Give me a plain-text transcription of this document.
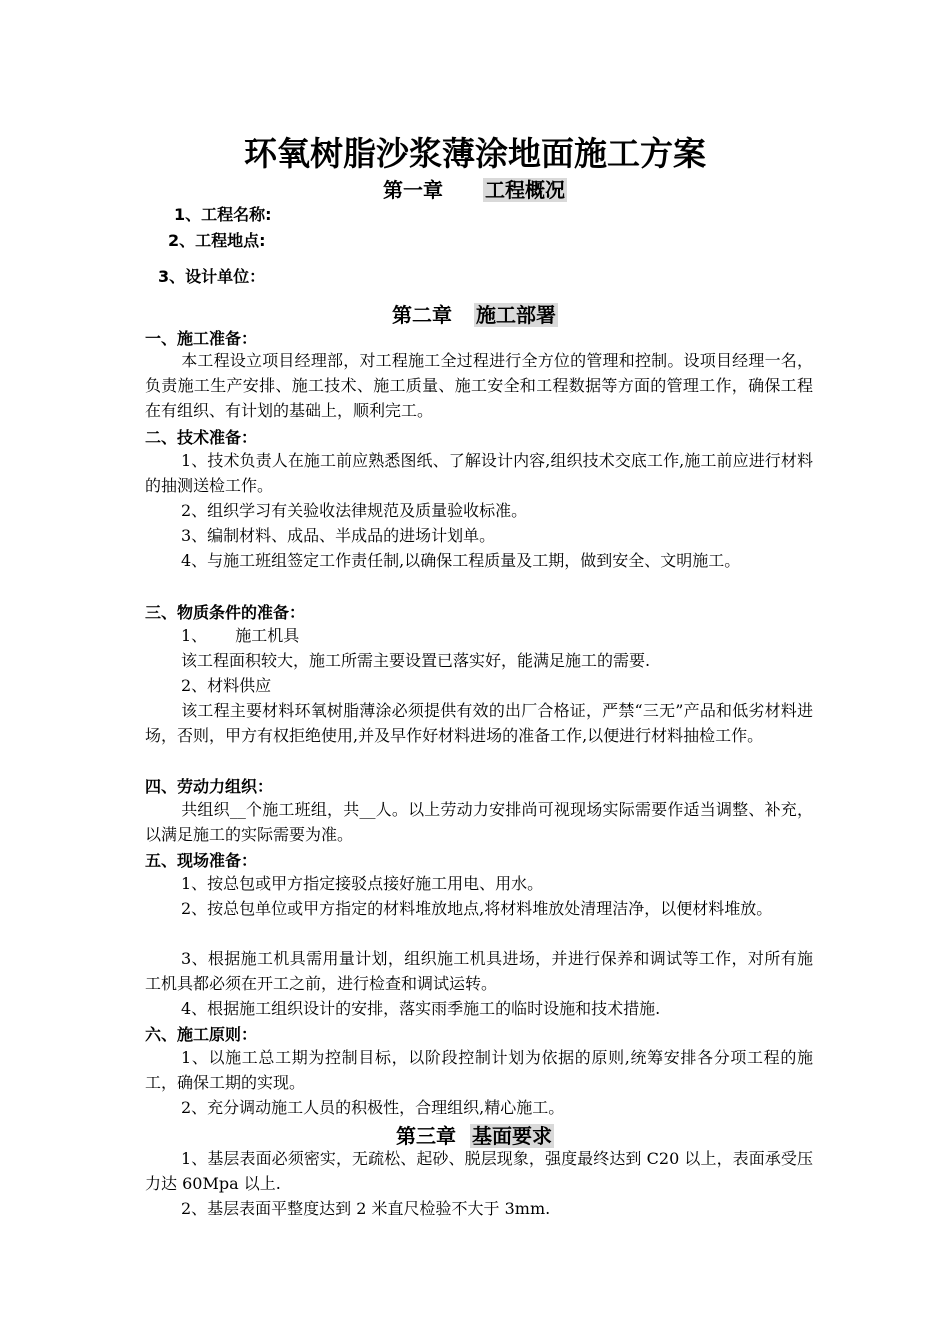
环氧树脂沙浆薄涂地面施工方案
第一章 工程概况
1、工程名称:
2、工程地点:
3、设计单位：
第二章 施工部署
一、施工准备：
本工程设立项目经理部，对工程施工全过程进行全方位的管理和控制。设项目经理一名，负责施工生产安排、施工技术、施工质量、施工安全和工程数据等方面的管理工作，确保工程在有组织、有计划的基础上，顺利完工。
二、技术准备：
1、技术负责人在施工前应熟悉图纸、了解设计内容,组织技术交底工作,施工前应进行材料的抽测送检工作。
2、组织学习有关验收法律规范及质量验收标准。
3、编制材料、成品、半成品的进场计划单。
4、与施工班组签定工作责任制,以确保工程质量及工期，做到安全、文明施工。
三、物质条件的准备：
1、 施工机具
该工程面积较大，施工所需主要设置已落实好，能满足施工的需要.
2、材料供应
该工程主要材料环氧树脂薄涂必须提供有效的出厂合格证，严禁“三无”产品和低劣材料进场，否则，甲方有权拒绝使用,并及早作好材料进场的准备工作,以便进行材料抽检工作。
四、劳动力组织：
共组织__个施工班组，共__人。以上劳动力安排尚可视现场实际需要作适当调整、补充，以满足施工的实际需要为准。
五、现场准备：
1、按总包或甲方指定接驳点接好施工用电、用水。
2、按总包单位或甲方指定的材料堆放地点,将材料堆放处清理洁净，以便材料堆放。
3、根据施工机具需用量计划，组织施工机具进场，并进行保养和调试等工作，对所有施工机具都必须在开工之前，进行检查和调试运转。
4、根据施工组织设计的安排，落实雨季施工的临时设施和技术措施.
六、施工原则：
1、以施工总工期为控制目标，以阶段控制计划为依据的原则,统筹安排各分项工程的施工，确保工期的实现。
2、充分调动施工人员的积极性，合理组织,精心施工。
第三章 基面要求
1、基层表面必须密实，无疏松、起砂、脱层现象，强度最终达到 C20 以上，表面承受压力达 60Mpa 以上.
2、基层表面平整度达到 2 米直尺检验不大于 3mm.
